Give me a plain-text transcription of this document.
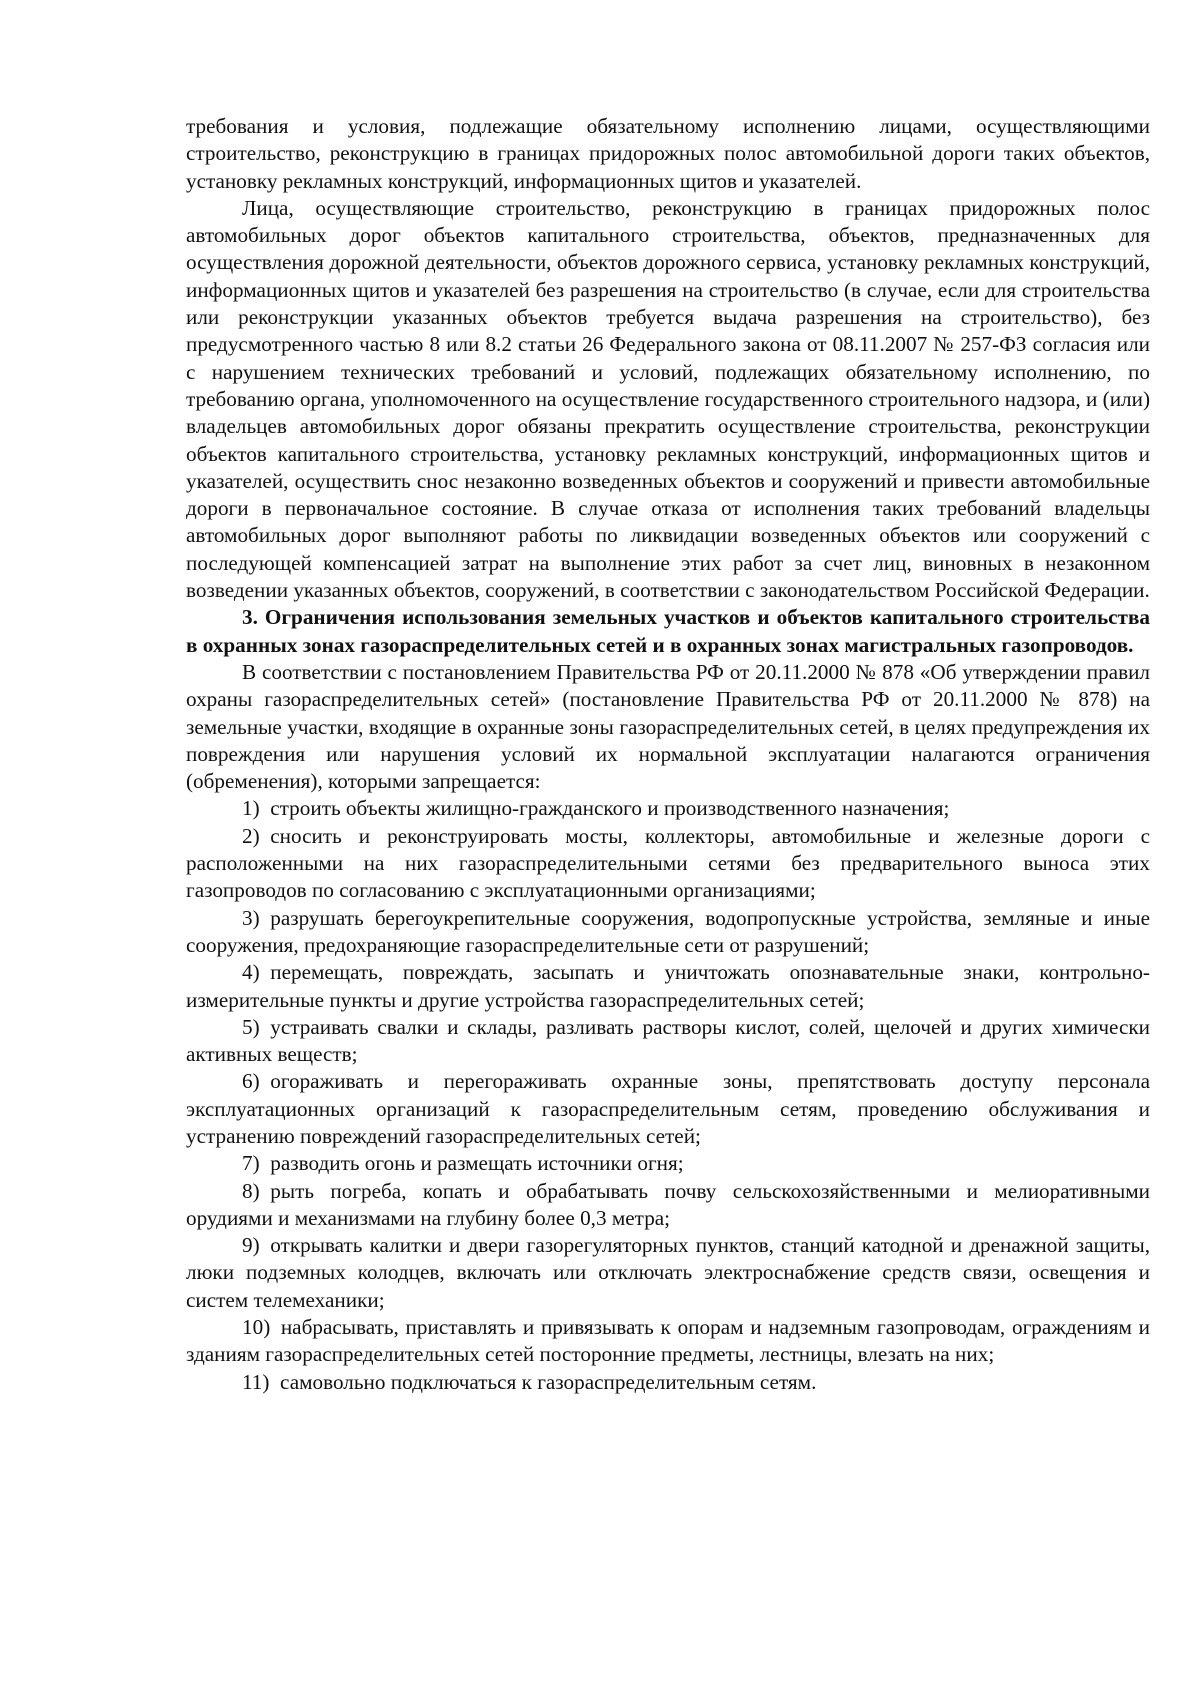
требования и условия, подлежащие обязательному исполнению лицами, осуществляющими строительство, реконструкцию в границах придорожных полос автомобильной дороги таких объектов, установку рекламных конструкций, информационных щитов и указателей.

Лица, осуществляющие строительство, реконструкцию в границах придорожных полос автомобильных дорог объектов капитального строительства, объектов, предназначенных для осуществления дорожной деятельности, объектов дорожного сервиса, установку рекламных конструкций, информационных щитов и указателей без разрешения на строительство (в случае, если для строительства или реконструкции указанных объектов требуется выдача разрешения на строительство), без предусмотренного частью 8 или 8.2 статьи 26 Федерального закона от 08.11.2007 № 257-ФЗ согласия или с нарушением технических требований и условий, подлежащих обязательному исполнению, по требованию органа, уполномоченного на осуществление государственного строительного надзора, и (или) владельцев автомобильных дорог обязаны прекратить осуществление строительства, реконструкции объектов капитального строительства, установку рекламных конструкций, информационных щитов и указателей, осуществить снос незаконно возведенных объектов и сооружений и привести автомобильные дороги в первоначальное состояние. В случае отказа от исполнения таких требований владельцы автомобильных дорог выполняют работы по ликвидации возведенных объектов или сооружений с последующей компенсацией затрат на выполнение этих работ за счет лиц, виновных в незаконном возведении указанных объектов, сооружений, в соответствии с законодательством Российской Федерации.

3. Ограничения использования земельных участков и объектов капитального строительства в охранных зонах газораспределительных сетей и в охранных зонах магистральных газопроводов.

В соответствии с постановлением Правительства РФ от 20.11.2000 № 878 «Об утверждении правил охраны газораспределительных сетей» (постановление Правительства РФ от 20.11.2000 № 878) на земельные участки, входящие в охранные зоны газораспределительных сетей, в целях предупреждения их повреждения или нарушения условий их нормальной эксплуатации налагаются ограничения (обременения), которыми запрещается:

1) строить объекты жилищно-гражданского и производственного назначения;

2) сносить и реконструировать мосты, коллекторы, автомобильные и железные дороги с расположенными на них газораспределительными сетями без предварительного выноса этих газопроводов по согласованию с эксплуатационными организациями;

3) разрушать берегоукрепительные сооружения, водопропускные устройства, земляные и иные сооружения, предохраняющие газораспределительные сети от разрушений;

4) перемещать, повреждать, засыпать и уничтожать опознавательные знаки, контрольно-измерительные пункты и другие устройства газораспределительных сетей;

5) устраивать свалки и склады, разливать растворы кислот, солей, щелочей и других химически активных веществ;

6) огораживать и перегораживать охранные зоны, препятствовать доступу персонала эксплуатационных организаций к газораспределительным сетям, проведению обслуживания и устранению повреждений газораспределительных сетей;

7) разводить огонь и размещать источники огня;

8) рыть погреба, копать и обрабатывать почву сельскохозяйственными и мелиоративными орудиями и механизмами на глубину более 0,3 метра;

9) открывать калитки и двери газорегуляторных пунктов, станций катодной и дренажной защиты, люки подземных колодцев, включать или отключать электроснабжение средств связи, освещения и систем телемеханики;

10) набрасывать, приставлять и привязывать к опорам и надземным газопроводам, ограждениям и зданиям газораспределительных сетей посторонние предметы, лестницы, влезать на них;

11) самовольно подключаться к газораспределительным сетям.
